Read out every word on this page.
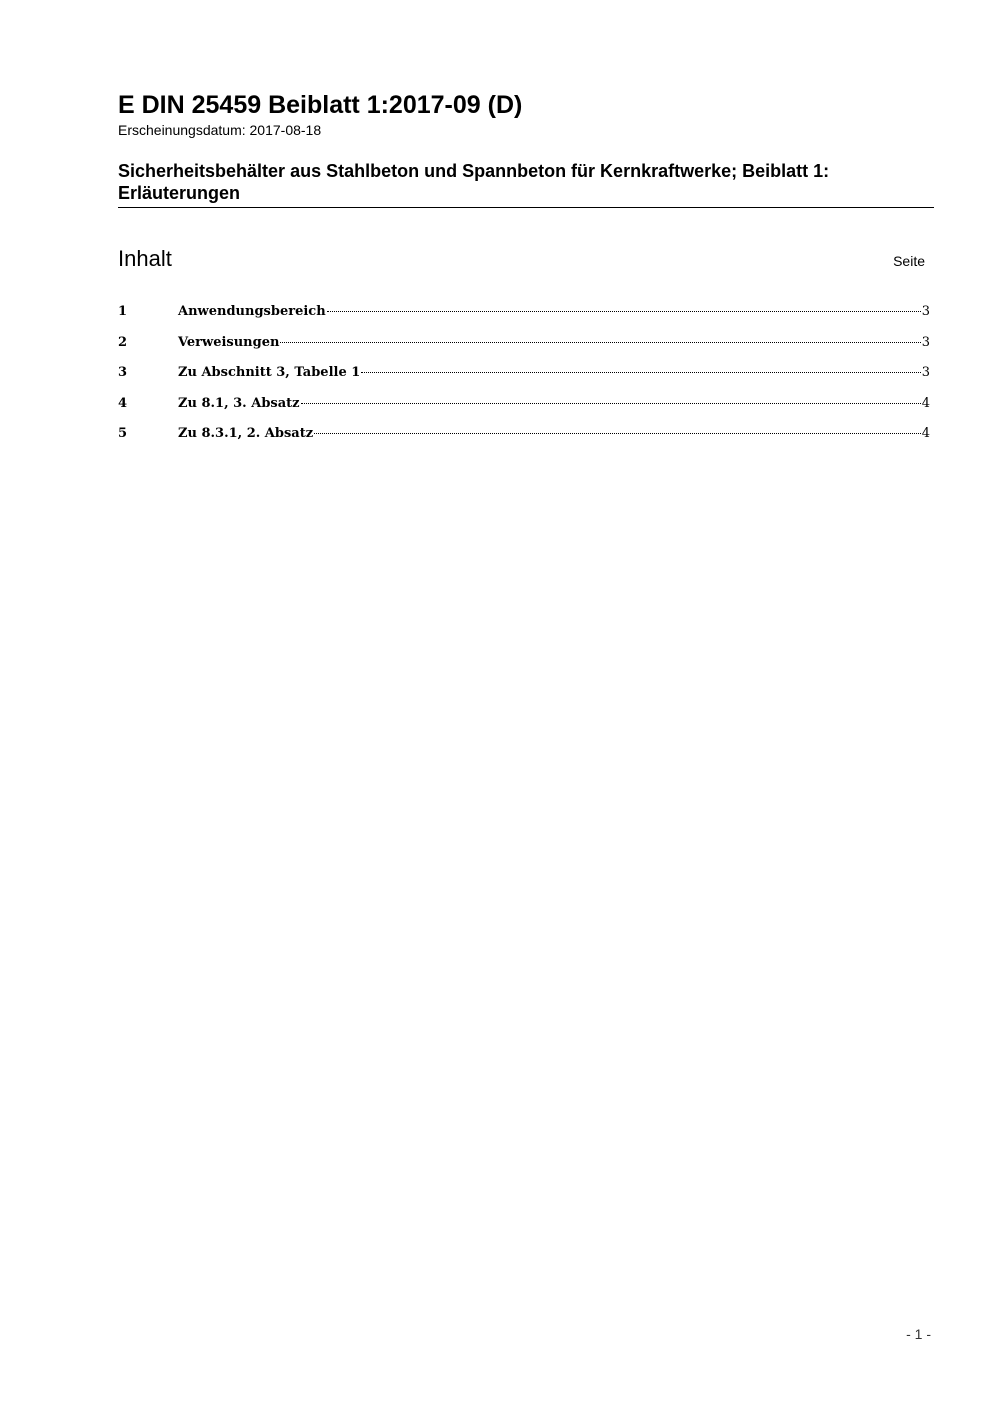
E DIN 25459 Beiblatt 1:2017-09 (D)
Erscheinungsdatum: 2017-08-18
Sicherheitsbehälter aus Stahlbeton und Spannbeton für Kernkraftwerke; Beiblatt 1: Erläuterungen
Inhalt	Seite
1	Anwendungsbereich	3
2	Verweisungen	3
3	Zu Abschnitt 3, Tabelle 1	3
4	Zu 8.1, 3. Absatz	4
5	Zu 8.3.1, 2. Absatz	4
- 1 -
